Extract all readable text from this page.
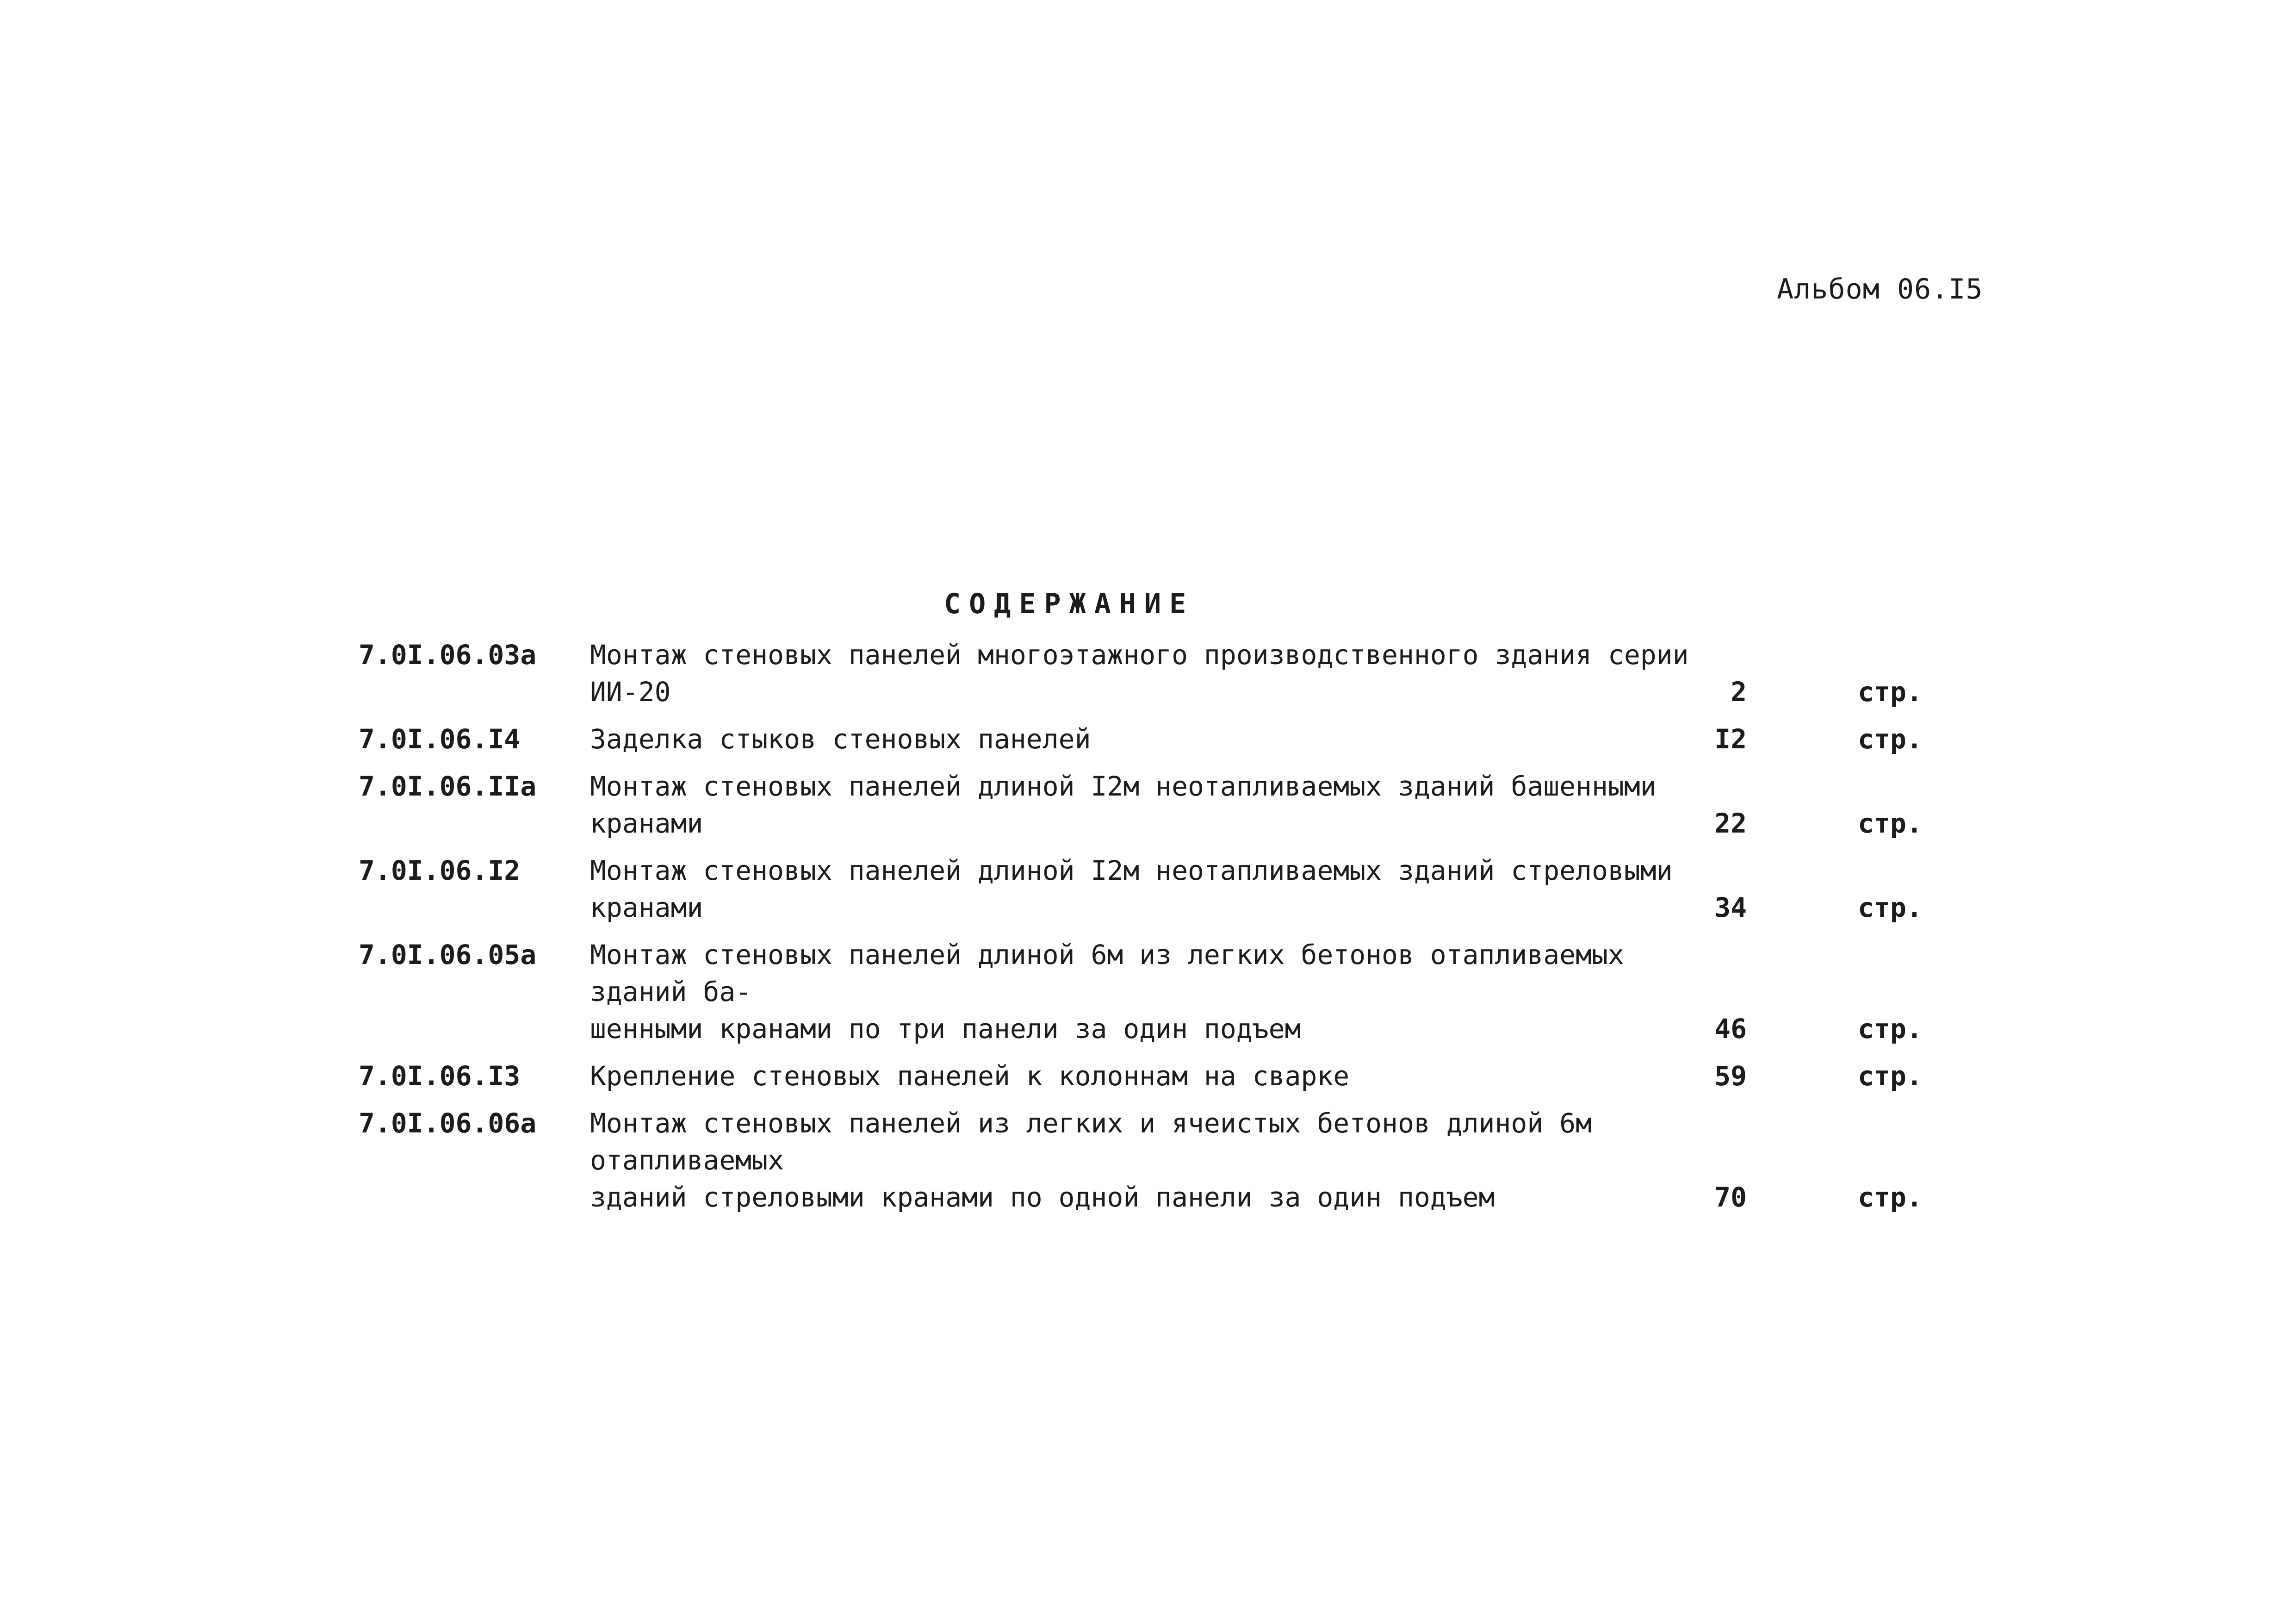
Альбом 06.I5
СОДЕРЖАНИЕ
7.0I.06.03а Монтаж стеновых панелей многоэтажного производственного здания серии ИИ-20	2	стр.
7.0I.06.I4	Заделка стыков стеновых панелей	I2	стр.
7.0I.06.IIа Монтаж стеновых панелей длиной I2м неотапливаемых зданий башенными кранами	22	стр.
7.0I.06.I2	Монтаж стеновых панелей длиной I2м неотапливаемых зданий стреловыми кранами	34	стр.
7.0I.06.05а Монтаж стеновых панелей длиной 6м из легких бетонов отапливаемых зданий ба-
шенными кранами по три панели за один подъем	46	стр.
7.0I.06.I3	Крепление стеновых панелей к колоннам на сварке	59	стр.
7.0I.06.06а Монтаж стеновых панелей из легких и ячеистых бетонов длиной 6м отапливаемых
зданий стреловыми кранами по одной панели за один подъем	70	стр.
